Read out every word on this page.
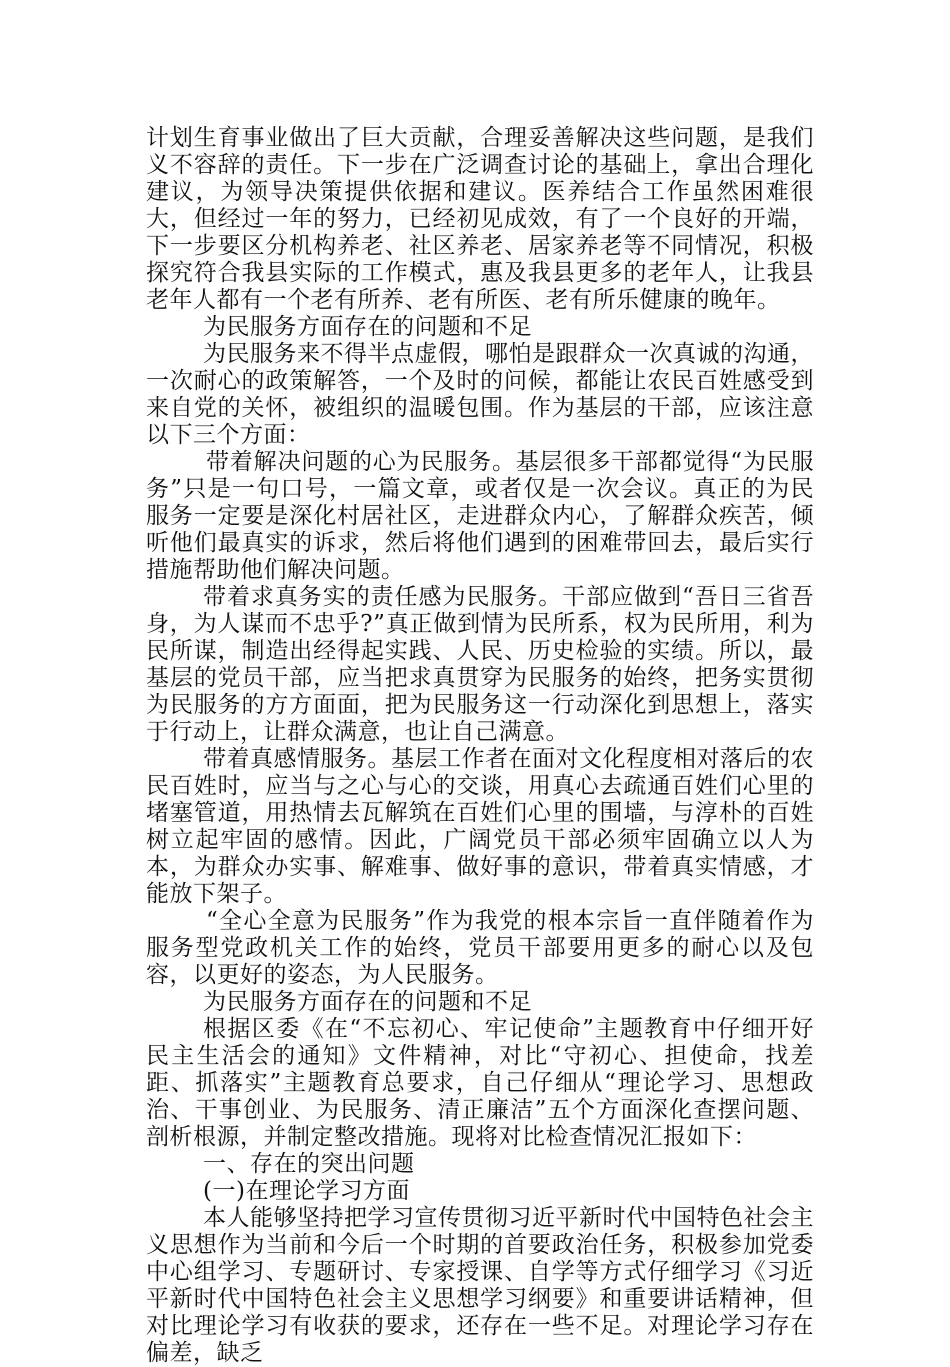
计划生育事业做出了巨大贡献，合理妥善解决这些问题，是我们义不容辞的责任。下一步在广泛调查讨论的基础上，拿出合理化建议，为领导决策提供依据和建议。医养结合工作虽然困难很大，但经过一年的努力，已经初见成效，有了一个良好的开端，下一步要区分机构养老、社区养老、居家养老等不同情况，积极探究符合我县实际的工作模式，惠及我县更多的老年人，让我县老年人都有一个老有所养、老有所医、老有所乐健康的晚年。

为民服务方面存在的问题和不足

为民服务来不得半点虚假，哪怕是跟群众一次真诚的沟通，一次耐心的政策解答，一个及时的问候，都能让农民百姓感受到来自党的关怀，被组织的温暖包围。作为基层的干部，应该注意以下三个方面：

带着解决问题的心为民服务。基层很多干部都觉得“为民服务”只是一句口号，一篇文章，或者仅是一次会议。真正的为民服务一定要是深化村居社区，走进群众内心，了解群众疾苦，倾听他们最真实的诉求，然后将他们遇到的困难带回去，最后实行措施帮助他们解决问题。

带着求真务实的责任感为民服务。干部应做到“吾日三省吾身，为人谋而不忠乎?”真正做到情为民所系，权为民所用，利为民所谋，制造出经得起实践、人民、历史检验的实绩。所以，最基层的党员干部，应当把求真贯穿为民服务的始终，把务实贯彻为民服务的方方面面，把为民服务这一行动深化到思想上，落实于行动上，让群众满意，也让自己满意。

带着真感情服务。基层工作者在面对文化程度相对落后的农民百姓时，应当与之心与心的交谈，用真心去疏通百姓们心里的堵塞管道，用热情去瓦解筑在百姓们心里的围墙，与淳朴的百姓树立起牢固的感情。因此，广阔党员干部必须牢固确立以人为本，为群众办实事、解难事、做好事的意识，带着真实情感，才能放下架子。

“全心全意为民服务”作为我党的根本宗旨一直伴随着作为服务型党政机关工作的始终，党员干部要用更多的耐心以及包容，以更好的姿态，为人民服务。

为民服务方面存在的问题和不足

根据区委《在“不忘初心、牢记使命”主题教育中仔细开好民主生活会的通知》文件精神，对比“守初心、担使命，找差距、抓落实”主题教育总要求，自己仔细从“理论学习、思想政治、干事创业、为民服务、清正廉洁”五个方面深化查摆问题、剖析根源，并制定整改措施。现将对比检查情况汇报如下：

一、存在的突出问题

(一)在理论学习方面

本人能够坚持把学习宣传贯彻习近平新时代中国特色社会主义思想作为当前和今后一个时期的首要政治任务，积极参加党委中心组学习、专题研讨、专家授课、自学等方式仔细学习《习近平新时代中国特色社会主义思想学习纲要》和重要讲话精神，但对比理论学习有收获的要求，还存在一些不足。对理论学习存在偏差，缺乏
